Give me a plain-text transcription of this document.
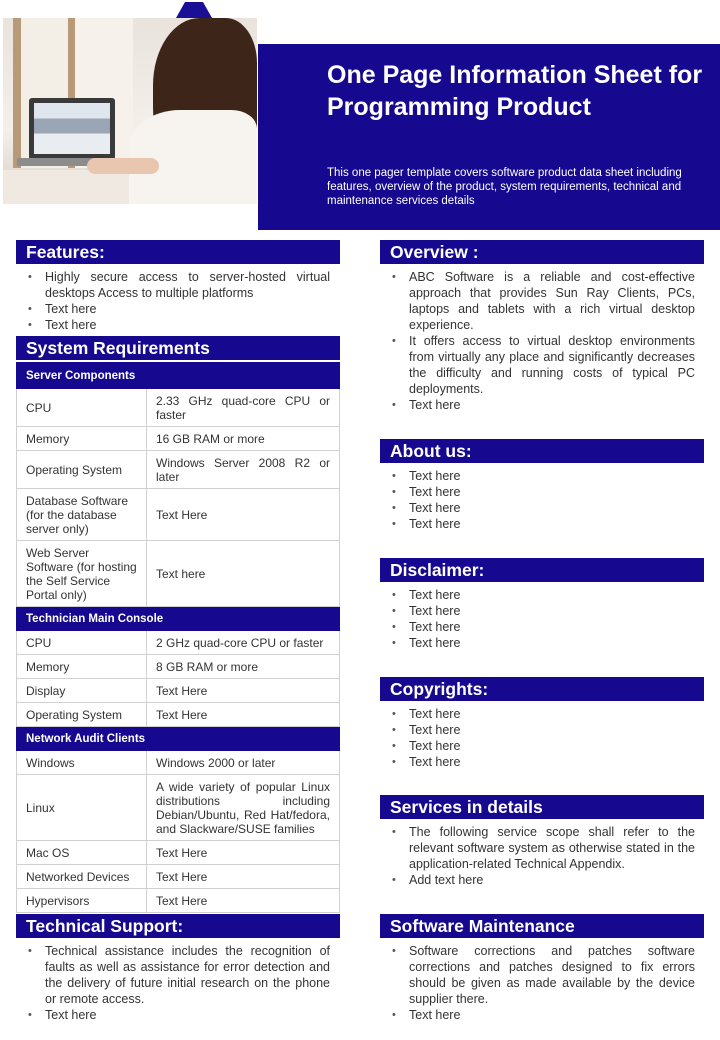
One Page Information Sheet for Programming Product

This one pager template covers software product data sheet including features, overview of the product, system requirements, technical and maintenance services details

Features:
• Highly secure access to server-hosted virtual desktops Access to multiple platforms
• Text here
• Text here
System Requirements
Server Components	
CPU	2.33 GHz quad-core CPU or faster
Memory	16 GB RAM or more
Operating System	Windows Server 2008 R2 or later
Database Software (for the database server only)	Text Here
Web Server Software (for hosting the Self Service Portal only)	Text here
Technician Main Console	
CPU	2 GHz quad-core CPU or faster
Memory	8 GB RAM or more
Display	Text Here
Operating System	Text Here
Network Audit Clients	
Windows	Windows 2000 or later
Linux	A wide variety of popular Linux distributions including Debian/Ubuntu, Red Hat/fedora, and Slackware/SUSE families
Mac OS	Text Here
Networked Devices	Text Here
Hypervisors	Text Here
Technical Support:
• Technical assistance includes the recognition of faults as well as assistance for error detection and the delivery of future initial research on the phone or remote access.
• Text here
Overview :
• ABC Software is a reliable and cost-effective approach that provides Sun Ray Clients, PCs, laptops and tablets with a rich virtual desktop experience.
• It offers access to virtual desktop environments from virtually any place and significantly decreases the difficulty and running costs of typical PC deployments.
• Text here
About us:
• Text here
• Text here
• Text here
• Text here
Disclaimer:
• Text here
• Text here
• Text here
• Text here
Copyrights:
• Text here
• Text here
• Text here
• Text here
Services in details
• The following service scope shall refer to the relevant software system as otherwise stated in the application-related Technical Appendix.
• Add text here
Software Maintenance
• Software corrections and patches software corrections and patches designed to fix errors should be given as made available by the device supplier there.
• Text here
